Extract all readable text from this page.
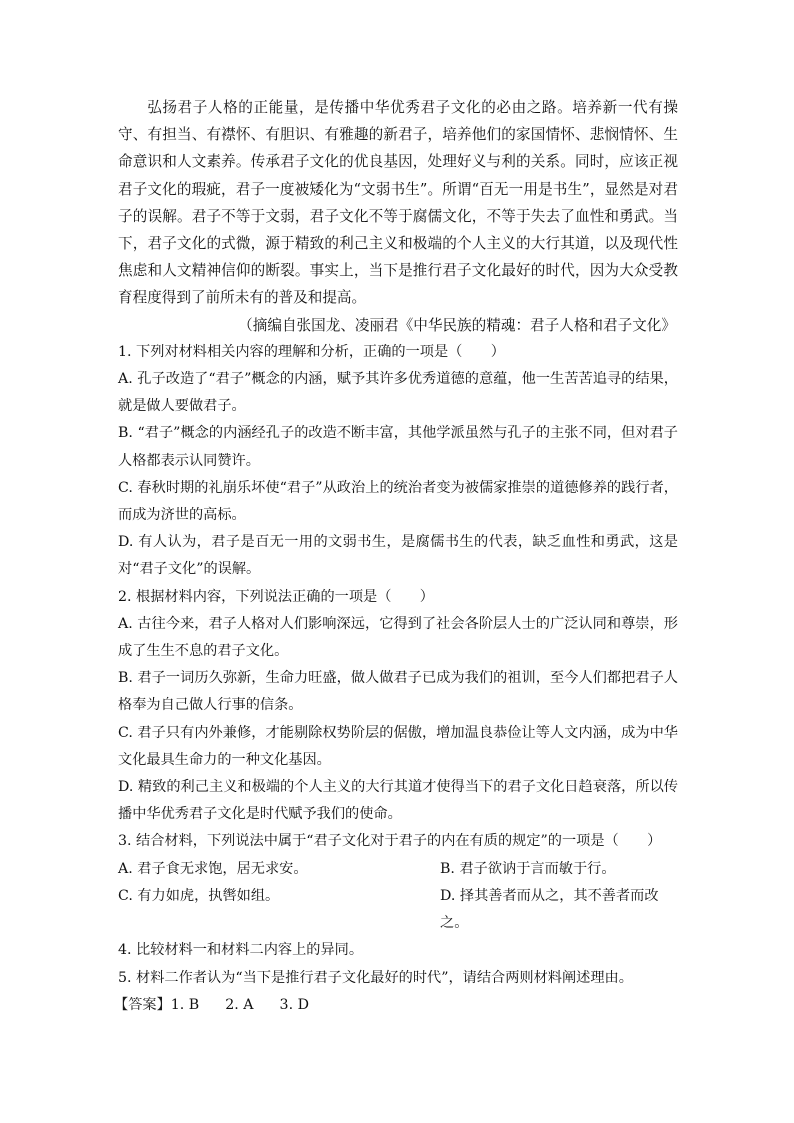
弘扬君子人格的正能量，是传播中华优秀君子文化的必由之路。培养新一代有操守、有担当、有襟怀、有胆识、有雅趣的新君子，培养他们的家国情怀、悲悯情怀、生命意识和人文素养。传承君子文化的优良基因，处理好义与利的关系。同时，应该正视君子文化的瑕疵，君子一度被矮化为“文弱书生”。所谓“百无一用是书生”，显然是对君子的误解。君子不等于文弱，君子文化不等于腐儒文化，不等于失去了血性和勇武。当下，君子文化的式微，源于精致的利己主义和极端的个人主义的大行其道，以及现代性焦虑和人文精神信仰的断裂。事实上，当下是推行君子文化最好的时代，因为大众受教育程度得到了前所未有的普及和提高。

（摘编自张国龙、凌丽君《中华民族的精魂：君子人格和君子文化》

1. 下列对材料相关内容的理解和分析，正确的一项是（　　）

A. 孔子改造了“君子”概念的内涵，赋予其许多优秀道德的意蕴，他一生苦苦追寻的结果，就是做人要做君子。

B. “君子”概念的内涵经孔子的改造不断丰富，其他学派虽然与孔子的主张不同，但对君子人格都表示认同赞许。

C. 春秋时期的礼崩乐坏使“君子”从政治上的统治者变为被儒家推崇的道德修养的践行者，而成为济世的高标。

D. 有人认为，君子是百无一用的文弱书生，是腐儒书生的代表，缺乏血性和勇武，这是对“君子文化”的误解。

2. 根据材料内容，下列说法正确的一项是（　　）

A. 古往今来，君子人格对人们影响深远，它得到了社会各阶层人士的广泛认同和尊崇，形成了生生不息的君子文化。

B. 君子一词历久弥新，生命力旺盛，做人做君子已成为我们的祖训，至今人们都把君子人格奉为自己做人行事的信条。

C. 君子只有内外兼修，才能剔除权势阶层的倨傲，增加温良恭俭让等人文内涵，成为中华文化最具生命力的一种文化基因。

D. 精致的利己主义和极端的个人主义的大行其道才使得当下的君子文化日趋衰落，所以传播中华优秀君子文化是时代赋予我们的使命。

3. 结合材料，下列说法中属于“君子文化对于君子的内在有质的规定”的一项是（　　）

A. 君子食无求饱，居无求安。	B. 君子欲讷于言而敏于行。
C. 有力如虎，执辔如组。	D. 择其善者而从之，其不善者而改之。

4. 比较材料一和材料二内容上的异同。

5. 材料二作者认为“当下是推行君子文化最好的时代”，请结合两则材料阐述理由。

【答案】1. B 2. A 3. D
